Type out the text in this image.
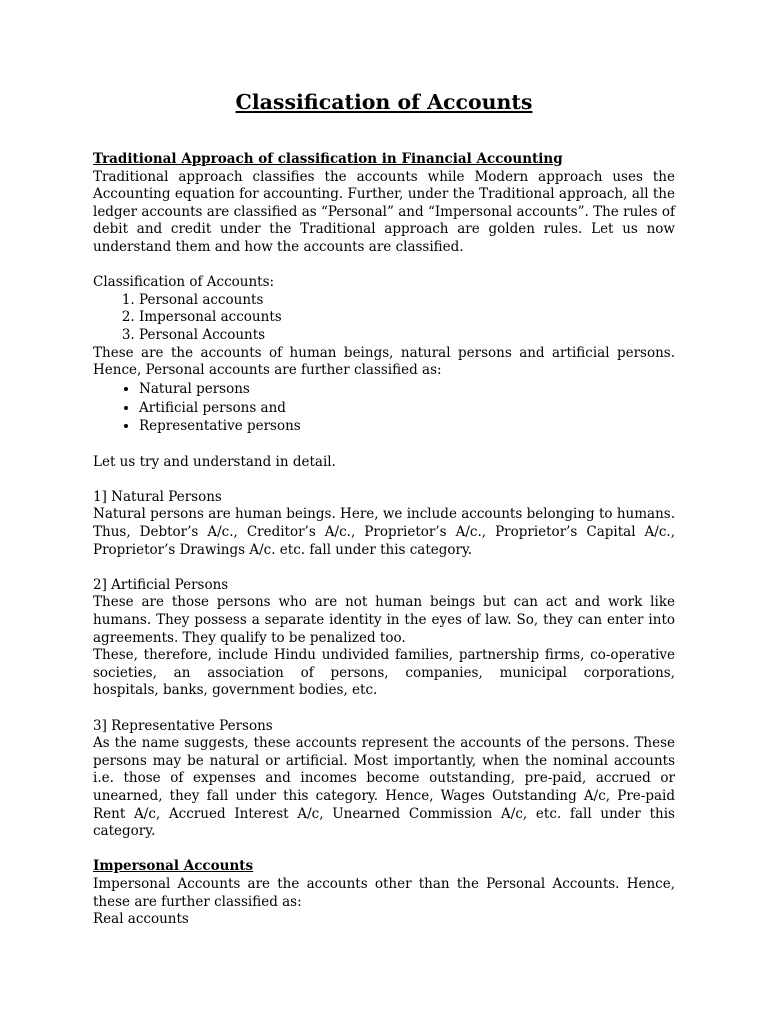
Classification of Accounts

Traditional Approach of classification in Financial Accounting

Traditional approach classifies the accounts while Modern approach uses the Accounting equation for accounting. Further, under the Traditional approach, all the ledger accounts are classified as “Personal” and “Impersonal accounts”. The rules of debit and credit under the Traditional approach are golden rules. Let us now understand them and how the accounts are classified.

Classification of Accounts:

1. Personal accounts
2. Impersonal accounts
3. Personal Accounts

These are the accounts of human beings, natural persons and artificial persons. Hence, Personal accounts are further classified as:

• Natural persons
• Artificial persons and
• Representative persons

Let us try and understand in detail.

1] Natural Persons

Natural persons are human beings. Here, we include accounts belonging to humans. Thus, Debtor’s A/c., Creditor’s A/c., Proprietor’s A/c., Proprietor’s Capital A/c., Proprietor’s Drawings A/c. etc. fall under this category.

2] Artificial Persons

These are those persons who are not human beings but can act and work like humans. They possess a separate identity in the eyes of law. So, they can enter into agreements. They qualify to be penalized too.

These, therefore, include Hindu undivided families, partnership firms, co-operative

societies, an association of persons, companies, municipal corporations,

hospitals, banks, government bodies, etc.

3] Representative Persons

As the name suggests, these accounts represent the accounts of the persons. These persons may be natural or artificial. Most importantly, when the nominal accounts i.e. those of expenses and incomes become outstanding, pre-paid, accrued or unearned, they fall under this category. Hence, Wages Outstanding A/c, Pre-paid Rent A/c, Accrued Interest A/c, Unearned Commission A/c, etc. fall under this category.

Impersonal Accounts

Impersonal Accounts are the accounts other than the Personal Accounts. Hence, these are further classified as:

Real accounts
